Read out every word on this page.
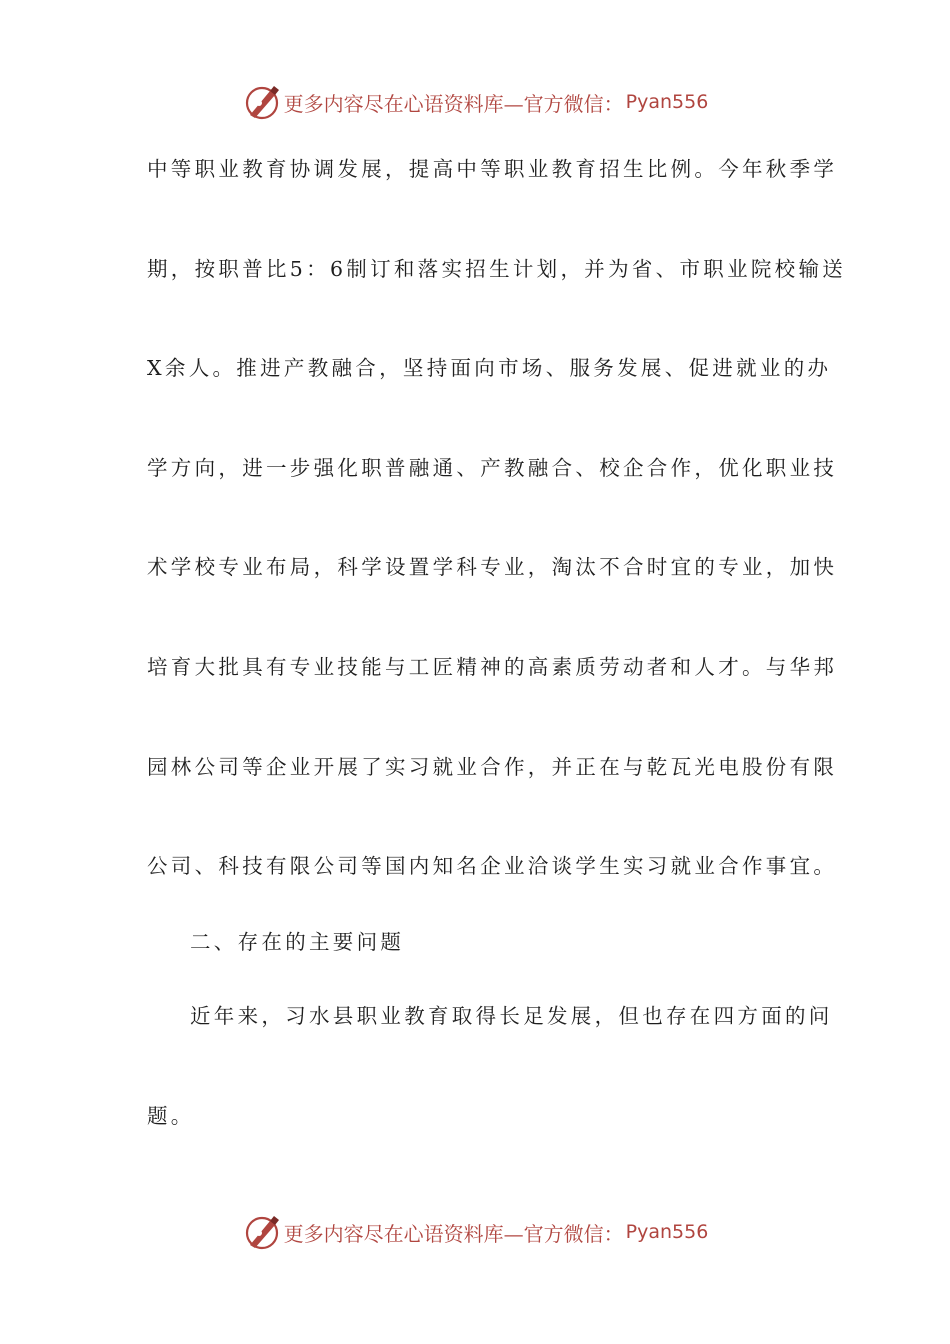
更多内容尽在心语资料库—官方微信： Pyan556
中等职业教育协调发展，提高中等职业教育招生比例。今年秋季学
期，按职普比5：6制订和落实招生计划，并为省、市职业院校输送
X余人。推进产教融合，坚持面向市场、服务发展、促进就业的办
学方向，进一步强化职普融通、产教融合、校企合作，优化职业技
术学校专业布局，科学设置学科专业，淘汰不合时宜的专业，加快
培育大批具有专业技能与工匠精神的高素质劳动者和人才。与华邦
园林公司等企业开展了实习就业合作，并正在与乾瓦光电股份有限
公司、科技有限公司等国内知名企业洽谈学生实习就业合作事宜。
二、存在的主要问题
近年来，习水县职业教育取得长足发展，但也存在四方面的问
题。
更多内容尽在心语资料库—官方微信： Pyan556
